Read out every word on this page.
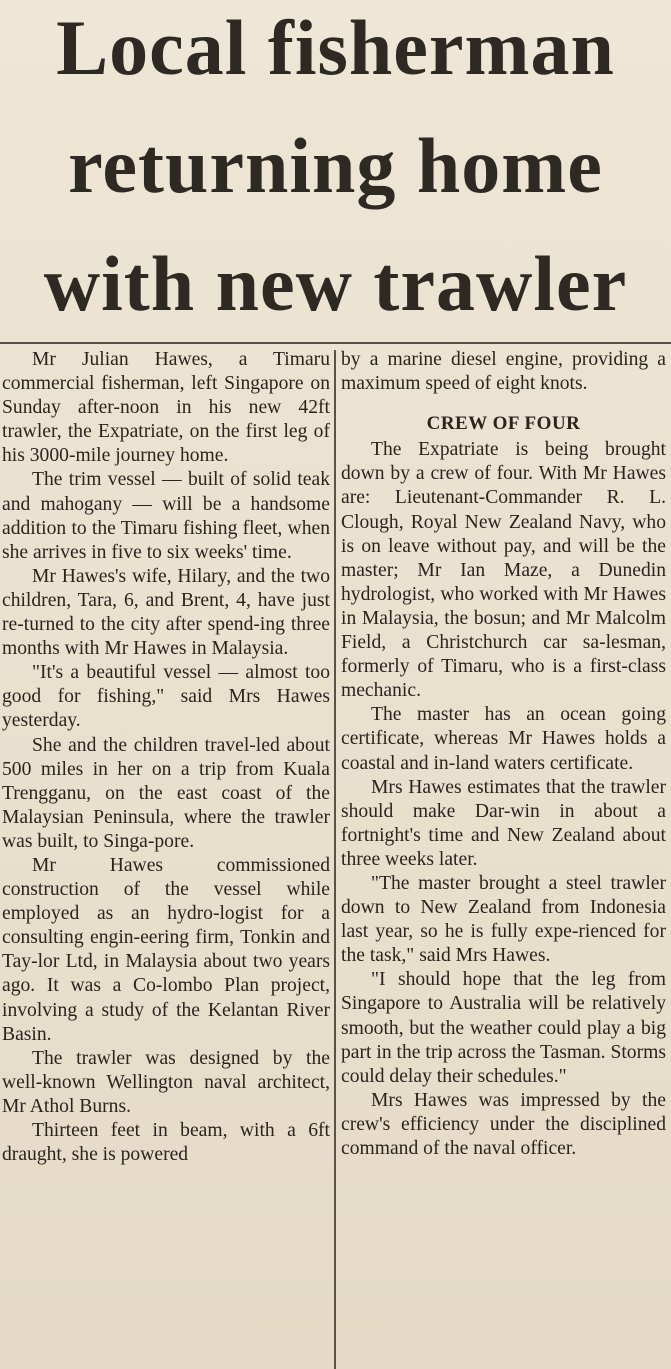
Local fisherman
returning home
with new trawler

Mr Julian Hawes, a Timaru commercial fisherman, left Singapore on Sunday after-noon in his new 42ft trawler, the Expatriate, on the first leg of his 3000-mile journey home.

The trim vessel — built of solid teak and mahogany — will be a handsome addition to the Timaru fishing fleet, when she arrives in five to six weeks' time.

Mr Hawes's wife, Hilary, and the two children, Tara, 6, and Brent, 4, have just re-turned to the city after spend-ing three months with Mr Hawes in Malaysia.

"It's a beautiful vessel — almost too good for fishing," said Mrs Hawes yesterday.

She and the children travel-led about 500 miles in her on a trip from Kuala Trengganu, on the east coast of the Malaysian Peninsula, where the trawler was built, to Singa-pore.

Mr Hawes commissioned construction of the vessel while employed as an hydro-logist for a consulting engin-eering firm, Tonkin and Tay-lor Ltd, in Malaysia about two years ago. It was a Co-lombo Plan project, involving a study of the Kelantan River Basin.

The trawler was designed by the well-known Wellington naval architect, Mr Athol Burns.

Thirteen feet in beam, with a 6ft draught, she is powered

by a marine diesel engine, providing a maximum speed of eight knots.

CREW OF FOUR

The Expatriate is being brought down by a crew of four. With Mr Hawes are: Lieutenant-Commander R. L. Clough, Royal New Zealand Navy, who is on leave without pay, and will be the master; Mr Ian Maze, a Dunedin hydrologist, who worked with Mr Hawes in Malaysia, the bosun; and Mr Malcolm Field, a Christchurch car sa-lesman, formerly of Timaru, who is a first-class mechanic.

The master has an ocean going certificate, whereas Mr Hawes holds a coastal and in-land waters certificate.

Mrs Hawes estimates that the trawler should make Dar-win in about a fortnight's time and New Zealand about three weeks later.

"The master brought a steel trawler down to New Zealand from Indonesia last year, so he is fully expe-rienced for the task," said Mrs Hawes.

"I should hope that the leg from Singapore to Australia will be relatively smooth, but the weather could play a big part in the trip across the Tasman. Storms could delay their schedules."

Mrs Hawes was impressed by the crew's efficiency under the disciplined command of the naval officer.
